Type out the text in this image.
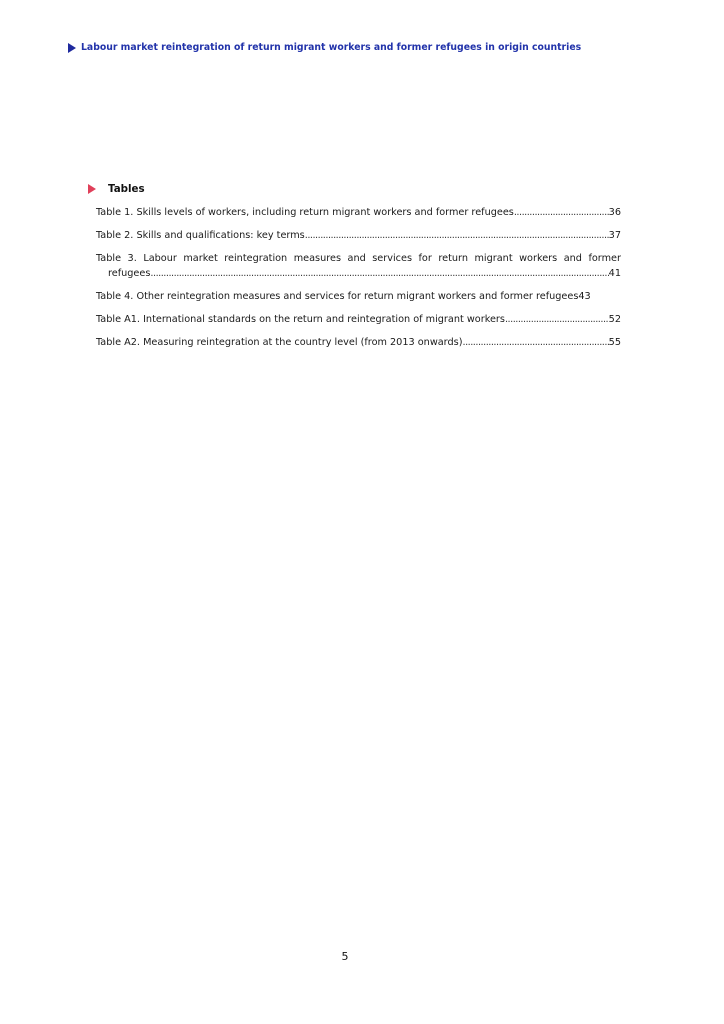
Labour market reintegration of return migrant workers and former refugees in origin countries
Tables
Table 1. Skills levels of workers, including return migrant workers and former refugees .....	36
Table 2. Skills and qualifications: key terms .....	37
Table 3. Labour market reintegration measures and services for return migrant workers and former
refugees .....	41
Table 4. Other reintegration measures and services for return migrant workers and former refugees 43
Table A1. International standards on the return and reintegration of migrant workers .....	52
Table A2. Measuring reintegration at the country level (from 2013 onwards) .....	55
5
